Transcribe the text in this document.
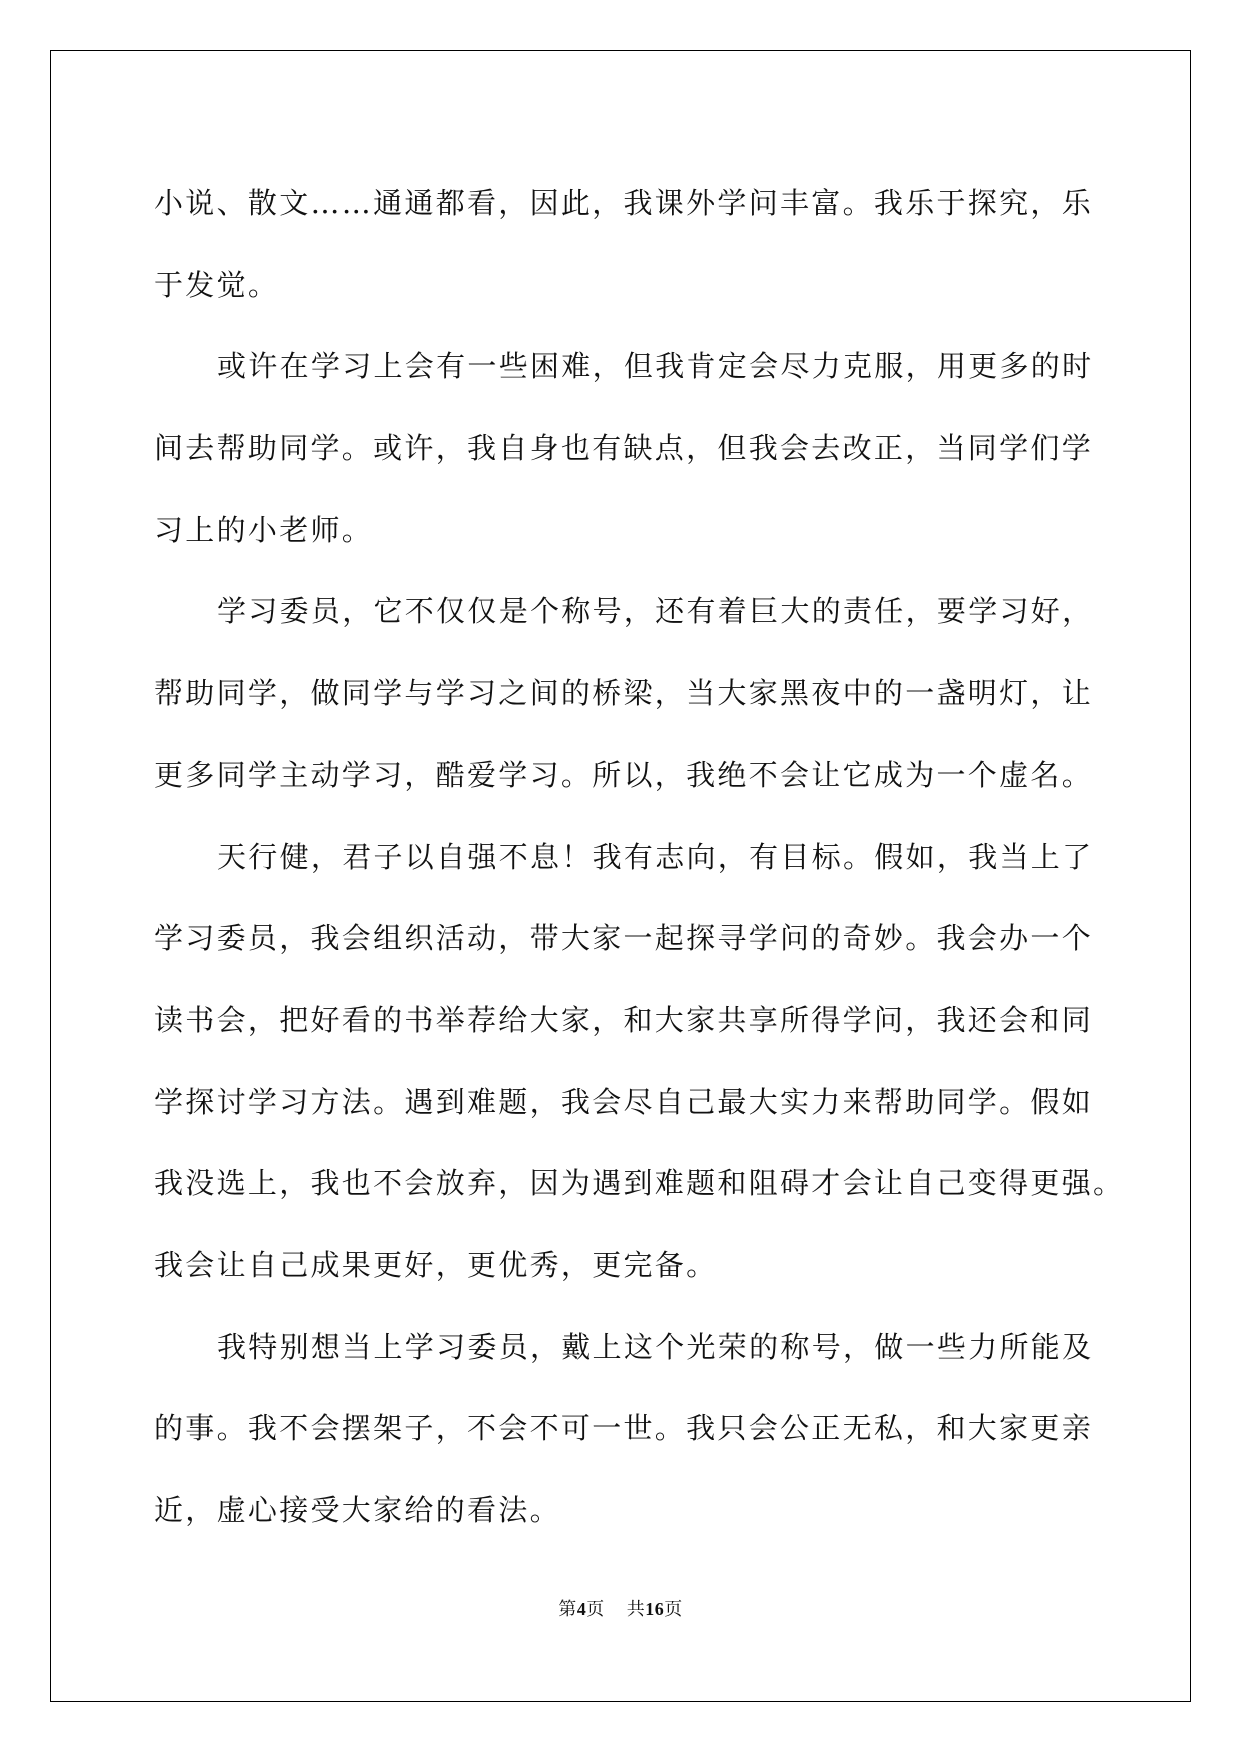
小说、散文……通通都看，因此，我课外学问丰富。我乐于探究，乐
于发觉。
或许在学习上会有一些困难，但我肯定会尽力克服，用更多的时
间去帮助同学。或许，我自身也有缺点，但我会去改正，当同学们学
习上的小老师。
学习委员，它不仅仅是个称号，还有着巨大的责任，要学习好，
帮助同学，做同学与学习之间的桥梁，当大家黑夜中的一盏明灯，让
更多同学主动学习，酷爱学习。所以，我绝不会让它成为一个虚名。
天行健，君子以自强不息！我有志向，有目标。假如，我当上了
学习委员，我会组织活动，带大家一起探寻学问的奇妙。我会办一个
读书会，把好看的书举荐给大家，和大家共享所得学问，我还会和同
学探讨学习方法。遇到难题，我会尽自己最大实力来帮助同学。假如
我没选上，我也不会放弃，因为遇到难题和阻碍才会让自己变得更强。
我会让自己成果更好，更优秀，更完备。
我特别想当上学习委员，戴上这个光荣的称号，做一些力所能及
的事。我不会摆架子，不会不可一世。我只会公正无私，和大家更亲
近，虚心接受大家给的看法。
第4页 共16页
